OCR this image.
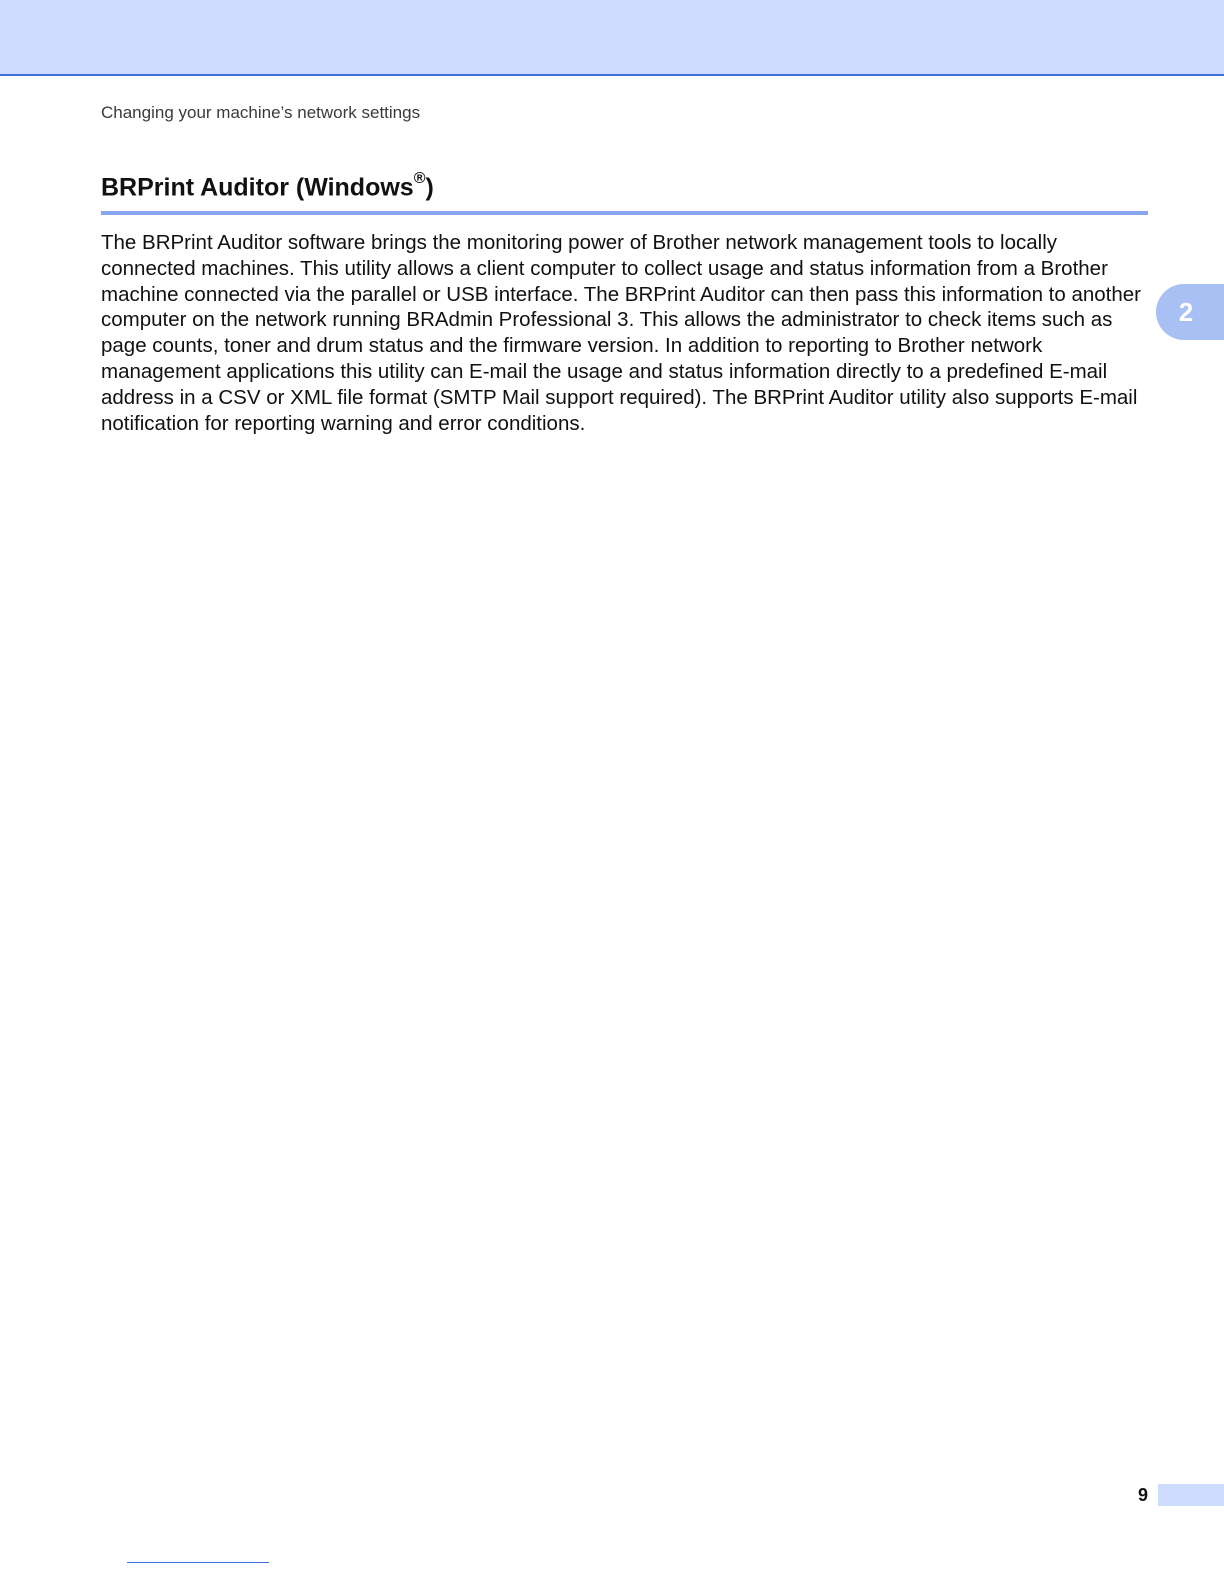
Changing your machine’s network settings
BRPrint Auditor (Windows®)

The BRPrint Auditor software brings the monitoring power of Brother network management tools to locally connected machines. This utility allows a client computer to collect usage and status information from a Brother machine connected via the parallel or USB interface. The BRPrint Auditor can then pass this information to another computer on the network running BRAdmin Professional 3. This allows the administrator to check items such as page counts, toner and drum status and the firmware version. In addition to reporting to Brother network management applications this utility can E-mail the usage and status information directly to a predefined E-mail address in a CSV or XML file format (SMTP Mail support required). The BRPrint Auditor utility also supports E-mail notification for reporting warning and error conditions.

2
9
